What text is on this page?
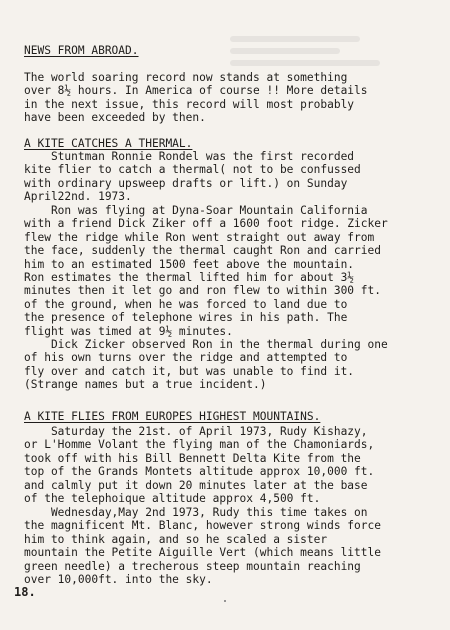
NEWS FROM ABROAD.
The world soaring record now stands at something
over 8½ hours. In America of course !! More details
in the next issue, this record will most probably
have been exceeded by then.
A KITE CATCHES A THERMAL.
Stuntman Ronnie Rondel was the first recorded
kite flier to catch a thermal( not to be confussed
with ordinary upsweep drafts or lift.) on Sunday
April22nd. 1973.
Ron was flying at Dyna-Soar Mountain California
with a friend Dick Ziker off a 1600 foot ridge. Zicker
flew the ridge while Ron went straight out away from
the face, suddenly the thermal caught Ron and carried
him to an estimated 1500 feet above the mountain.
Ron estimates the thermal lifted him for about 3½
minutes then it let go and ron flew to within 300 ft.
of the ground, when he was forced to land due to
the presence of telephone wires in his path. The
flight was timed at 9½ minutes.
Dick Zicker observed Ron in the thermal during one
of his own turns over the ridge and attempted to
fly over and catch it, but was unable to find it.
(Strange names but a true incident.)
A KITE FLIES FROM EUROPES HIGHEST MOUNTAINS.
Saturday the 21st. of April 1973, Rudy Kishazy,
or L'Homme Volant the flying man of the Chamoniards,
took off with his Bill Bennett Delta Kite from the
top of the Grands Montets altitude approx 10,000 ft.
and calmly put it down 20 minutes later at the base
of the telephoique altitude approx 4,500 ft.
Wednesday,May 2nd 1973, Rudy this time takes on
the magnificent Mt. Blanc, however strong winds force
him to think again, and so he scaled a sister
mountain the Petite Aiguille Vert (which means little
green needle) a trecherous steep mountain reaching
over 10,000ft. into the sky.
18.
